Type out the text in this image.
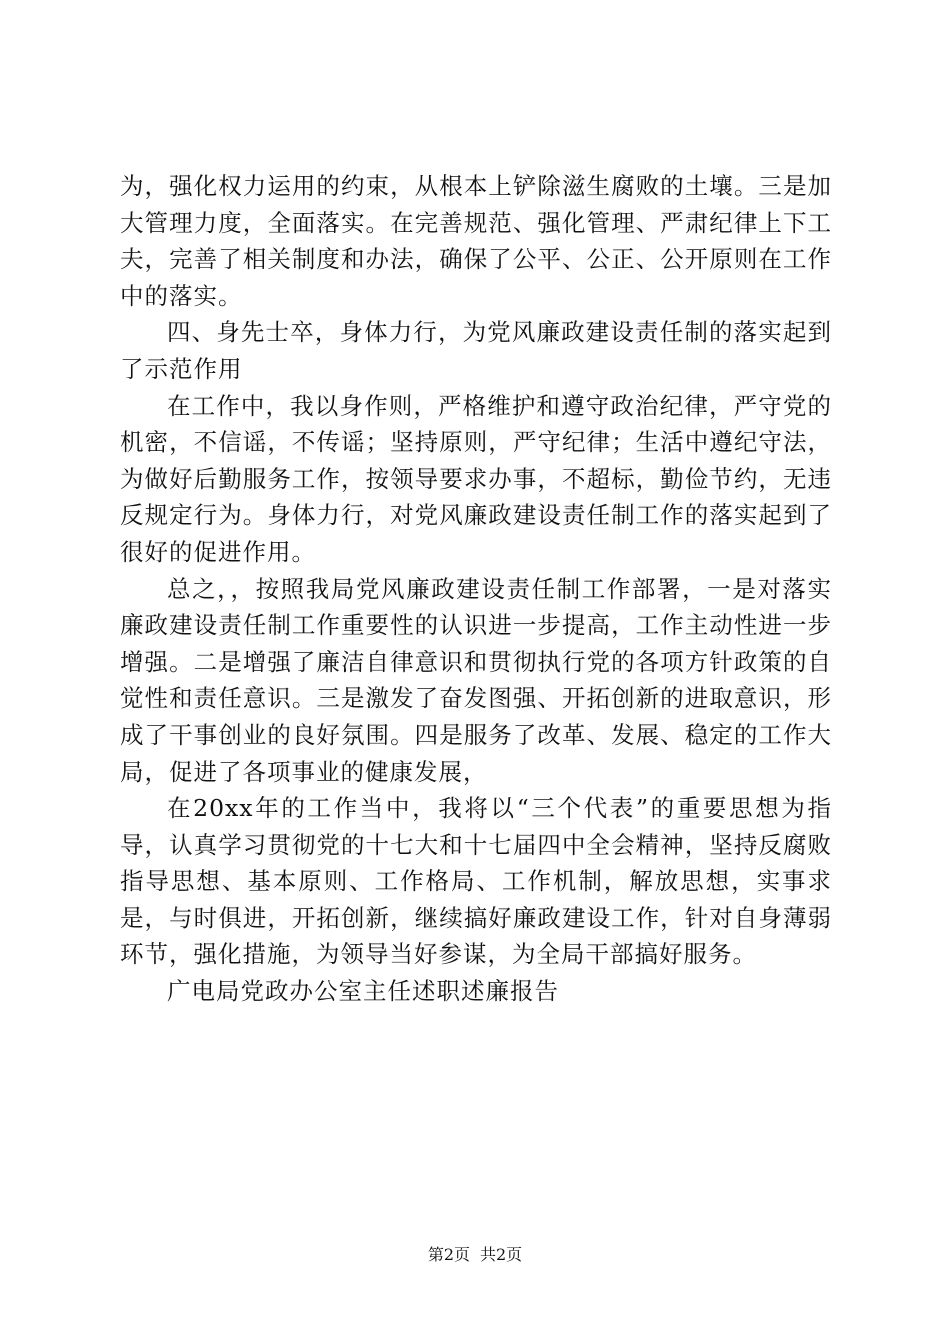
为，强化权力运用的约束，从根本上铲除滋生腐败的土壤。三是加大管理力度，全面落实。在完善规范、强化管理、严肃纪律上下工夫，完善了相关制度和办法，确保了公平、公正、公开原则在工作中的落实。

四、身先士卒，身体力行，为党风廉政建设责任制的落实起到了示范作用

在工作中，我以身作则，严格维护和遵守政治纪律，严守党的机密，不信谣，不传谣；坚持原则，严守纪律；生活中遵纪守法，为做好后勤服务工作，按领导要求办事，不超标，勤俭节约，无违反规定行为。身体力行，对党风廉政建设责任制工作的落实起到了很好的促进作用。

总之，，按照我局党风廉政建设责任制工作部署，一是对落实廉政建设责任制工作重要性的认识进一步提高，工作主动性进一步增强。二是增强了廉洁自律意识和贯彻执行党的各项方针政策的自觉性和责任意识。三是激发了奋发图强、开拓创新的进取意识，形成了干事创业的良好氛围。四是服务了改革、发展、稳定的工作大局，促进了各项事业的健康发展，

在20xx年的工作当中，我将以“三个代表”的重要思想为指导，认真学习贯彻党的十七大和十七届四中全会精神，坚持反腐败指导思想、基本原则、工作格局、工作机制，解放思想，实事求是，与时俱进，开拓创新，继续搞好廉政建设工作，针对自身薄弱环节，强化措施，为领导当好参谋，为全局干部搞好服务。

广电局党政办公室主任述职述廉报告

第2页 共2页
